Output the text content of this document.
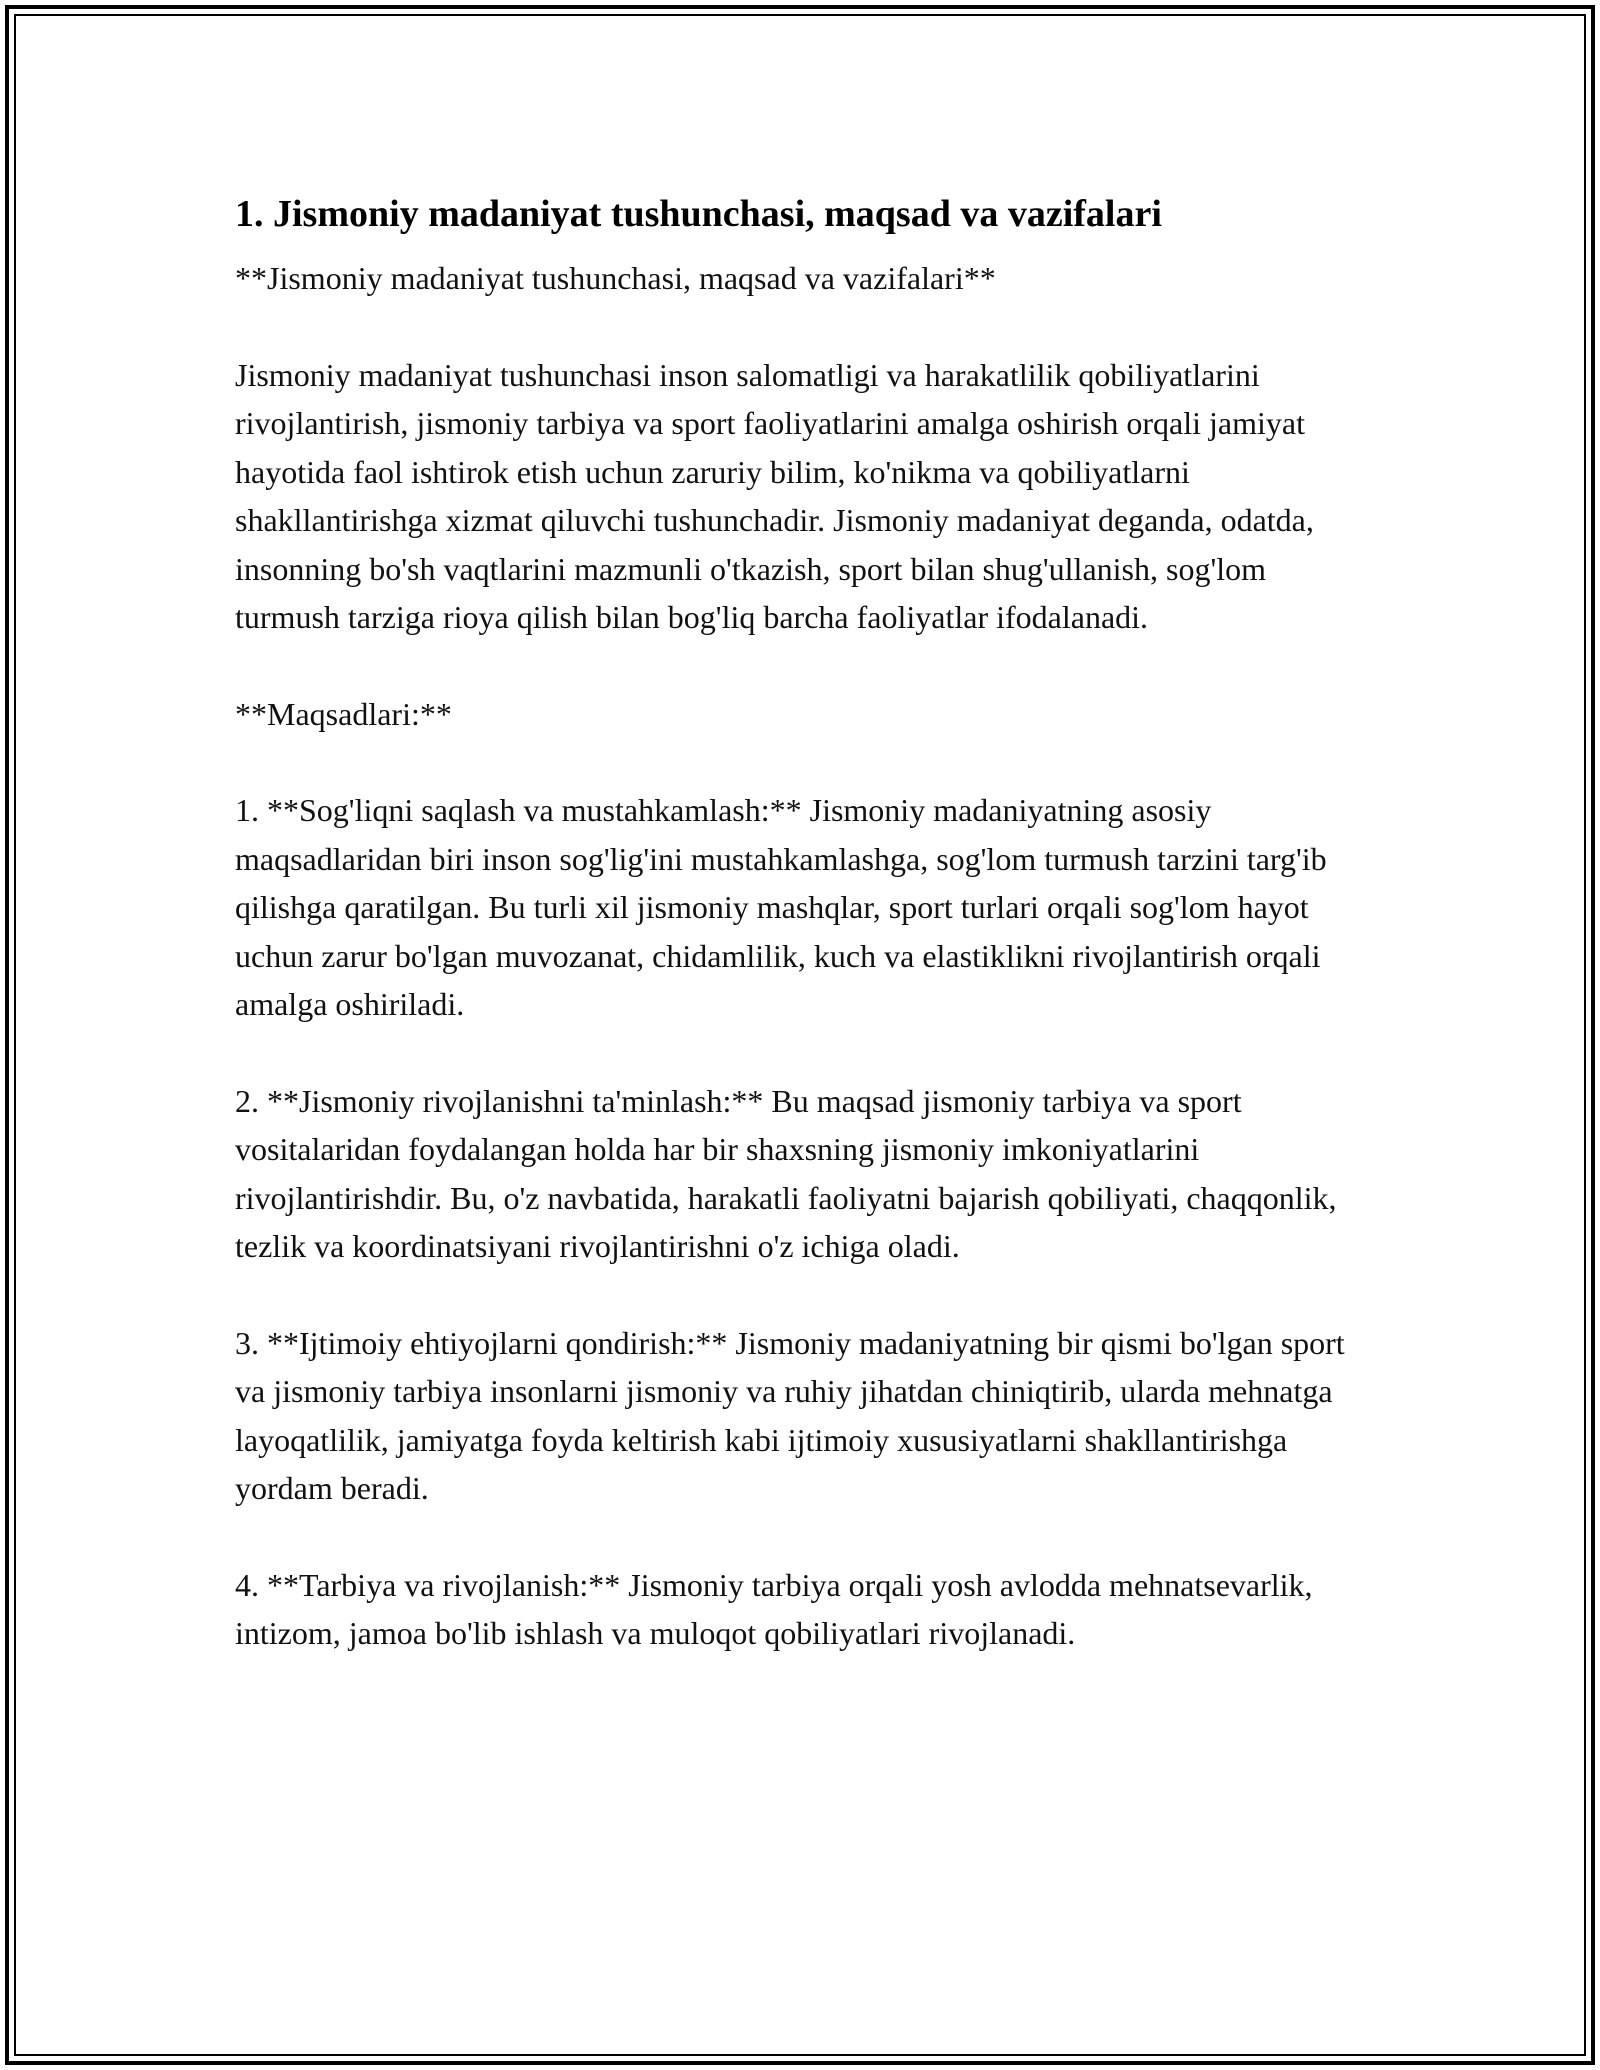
1. Jismoniy madaniyat tushunchasi, maqsad va vazifalari

**Jismoniy madaniyat tushunchasi, maqsad va vazifalari**

Jismoniy madaniyat tushunchasi inson salomatligi va harakatlilik qobiliyatlarini rivojlantirish, jismoniy tarbiya va sport faoliyatlarini amalga oshirish orqali jamiyat hayotida faol ishtirok etish uchun zaruriy bilim, ko'nikma va qobiliyatlarni shakllantirishga xizmat qiluvchi tushunchadir. Jismoniy madaniyat deganda, odatda, insonning bo'sh vaqtlarini mazmunli o'tkazish, sport bilan shug'ullanish, sog'lom turmush tarziga rioya qilish bilan bog'liq barcha faoliyatlar ifodalanadi.

**Maqsadlari:**

1. **Sog'liqni saqlash va mustahkamlash:** Jismoniy madaniyatning asosiy maqsadlaridan biri inson sog'lig'ini mustahkamlashga, sog'lom turmush tarzini targ'ib qilishga qaratilgan. Bu turli xil jismoniy mashqlar, sport turlari orqali sog'lom hayot uchun zarur bo'lgan muvozanat, chidamlilik, kuch va elastiklikni rivojlantirish orqali amalga oshiriladi.

2. **Jismoniy rivojlanishni ta'minlash:** Bu maqsad jismoniy tarbiya va sport vositalaridan foydalangan holda har bir shaxsning jismoniy imkoniyatlarini rivojlantirishdir. Bu, o'z navbatida, harakatli faoliyatni bajarish qobiliyati, chaqqonlik, tezlik va koordinatsiyani rivojlantirishni o'z ichiga oladi.

3. **Ijtimoiy ehtiyojlarni qondirish:** Jismoniy madaniyatning bir qismi bo'lgan sport va jismoniy tarbiya insonlarni jismoniy va ruhiy jihatdan chiniqtirib, ularda mehnatga layoqatlilik, jamiyatga foyda keltirish kabi ijtimoiy xususiyatlarni shakllantirishga yordam beradi.

4. **Tarbiya va rivojlanish:** Jismoniy tarbiya orqali yosh avlodda mehnatsevarlik, intizom, jamoa bo'lib ishlash va muloqot qobiliyatlari rivojlanadi.
